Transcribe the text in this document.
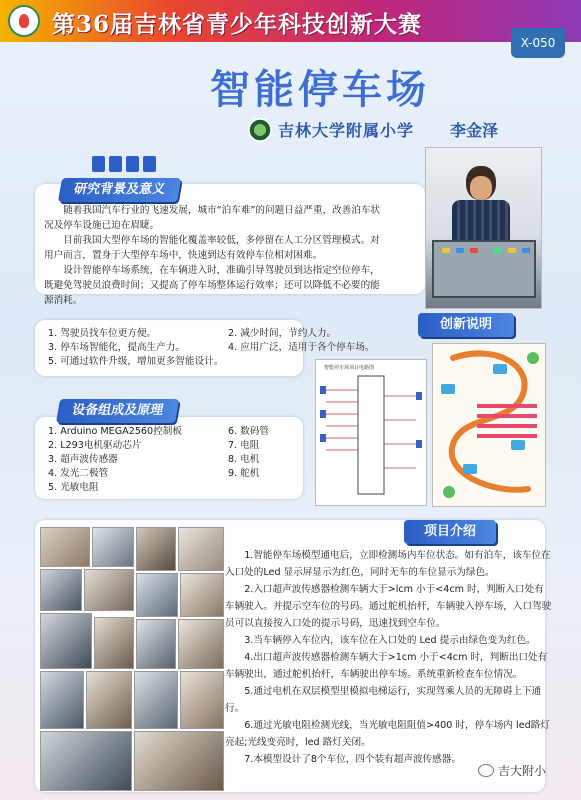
第36届吉林省青少年科技创新大赛
X-050
智能停车场
吉林大学附属小学 李金泽
研究背景及意义

随着我国汽车行业的飞速发展，城市“泊车难”的问题日益严重，改善泊车状况及停车设施已迫在眉睫。

目前我国大型停车场的智能化覆盖率较低，多停留在人工分区管理模式。对用户而言，置身于大型停车场中，快速到达有效停车位相对困难。

设计智能停车场系统，在车辆进入时，准确引导驾驶员到达指定空位停车，既避免驾驶员浪费时间；又提高了停车场整体运行效率；还可以降低不必要的能源消耗。

创新说明
1. 驾驶员找车位更方便。
3. 停车场智能化，提高生产力。
5. 可通过软件升级，增加更多智能设计。
2. 减少时间，节约人力。
4. 应用广泛，适用于各个停车场。
设备组成及原理
1. Arduino MEGA2560控制板
2. L293电机驱动芯片
3. 超声波传感器
4. 发光二极管
5. 光敏电阻
6. 数码管
7. 电阻
8. 电机
9. 舵机
智能停车场项目电路图
项目介绍

1.智能停车场模型通电后，立即检测场内车位状态。如有泊车，该车位在入口处的Led 显示屏显示为红色，同时无车的车位显示为绿色。

2.入口超声波传感器检测车辆大于>lcm 小于<4cm 时，判断入口处有车辆驶入。并提示空车位的号码。通过舵机抬杆，车辆驶入停车场，入口驾驶员可以直接按入口处的提示号码，迅速找到空车位。

3.当车辆停入车位内，该车位在入口处的 Led 提示由绿色变为红色。

4.出口超声波传感器检测车辆大于>1cm 小于<4cm 时，判断出口处有车辆驶出，通过舵机抬杆，车辆驶出停车场。系统重新检查车位情况。

5.通过电机在双层模型里模拟电梯运行，实现驾乘人员的无障碍上下通行。

6.通过光敏电阻检测光线，当光敏电阻阻值>400 时，停车场内 led路灯亮起;光线变亮时，led 路灯关闭。

7.本模型设计了8个车位，四个装有超声波传感器。

吉大附小
